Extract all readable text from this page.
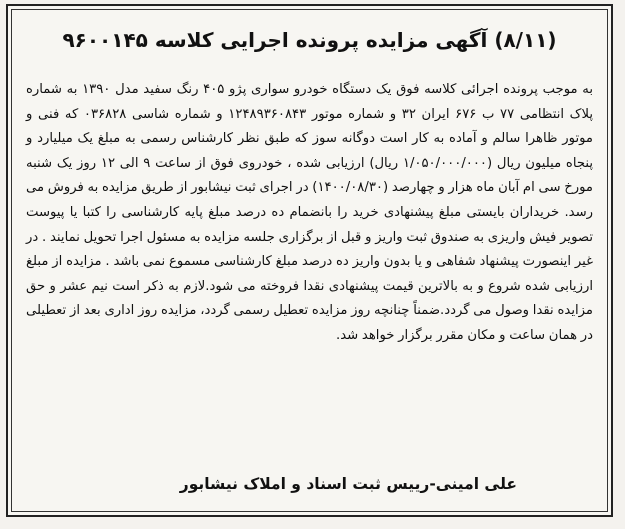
(۸/۱۱) آگهی مزایده پرونده اجرایی کلاسه ۹۶۰۰۱۴۵
به موجب پرونده اجرائی کلاسه فوق یک دستگاه خودرو سواری پژو ۴۰۵ رنگ سفید مدل ۱۳۹۰ به شماره پلاک انتظامی ۷۷ ب ۶۷۶ ایران ۳۲ و شماره موتور ۱۲۴۸۹۳۶۰۸۴۳ و شماره شاسی ۰۳۶۸۲۸ که فنی و موتور ظاهرا سالم و آماده به کار است دوگانه سوز که طبق نظر کارشناس رسمی به مبلغ یک میلیارد و پنجاه میلیون ریال (۱/۰۵۰/۰۰۰/۰۰۰ ریال) ارزیابی شده ، خودروی فوق از ساعت ۹ الی ۱۲ روز یک شنبه مورخ سی ام آبان ماه هزار و چهارصد (۱۴۰۰/۰۸/۳۰) در اجرای ثبت نیشابور از طریق مزایده به فروش می رسد. خریداران بایستی مبلغ پیشنهادی خرید را بانضمام ده درصد مبلغ پایه کارشناسی را کتبا یا پیوست تصویر فیش واریزی به صندوق ثبت واریز و قبل از برگزاری جلسه مزایده به مسئول اجرا تحویل نمایند . در غیر اینصورت پیشنهاد شفاهی و یا بدون واریز ده درصد مبلغ کارشناسی مسموع نمی باشد . مزایده از مبلغ ارزیابی شده شروع و به بالاترین قیمت پیشنهادی نقدا فروخته می شود.لازم به ذکر است نیم عشر و حق مزایده نقدا وصول می گردد.ضمناً چنانچه روز مزایده تعطیل رسمی گردد، مزایده روز اداری بعد از تعطیلی در همان ساعت و مکان مقرر برگزار خواهد شد.
علی امینی-رییس ثبت اسناد و املاک نیشابور
